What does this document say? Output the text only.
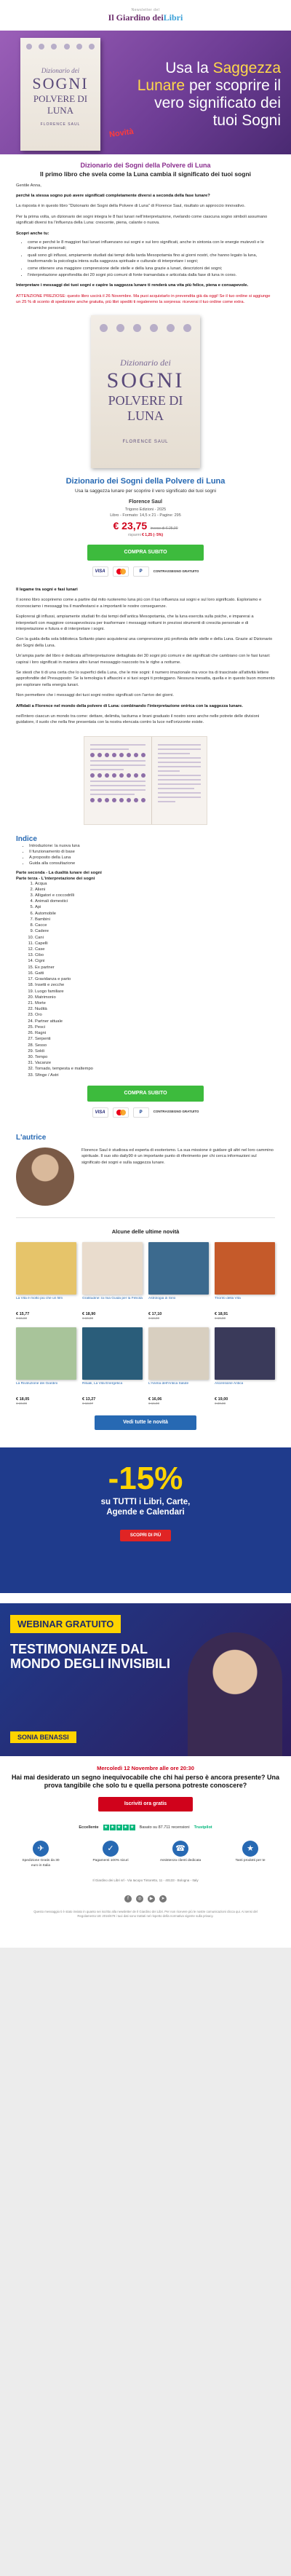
Newsletter del
Il Giardino deiLibri
Dizionario dei
SOGNI
POLVERE DI LUNA
FLORENCE SAUL
Usa la Saggezza Lunare per scoprire il vero significato dei tuoi Sogni
Novità
Dizionario dei Sogni della Polvere di Luna
Il primo libro che svela come la Luna cambia il significato dei tuoi sogni

Gentile Anna,

perché la stessa sogno può avere significati completamente diversi a seconda della fase lunare?

La risposta è in questo libro "Dizionario dei Sogni della Polvere di Luna" di Florence Saul, risultato un approccio innovativo.

Per la prima volta, un dizionario dei sogni integra le 8 fasi lunari nell'interpretazione, rivelando come ciascuna sogno simboli assumano significati diversi tra l'influenza della Luna: crescente, piena, calante o nuova.

Scopri anche tu:

• come e perché le 8 maggiori fasi lunari influenzano sui sogni e sui loro significati, anche in sintonia con le energie mutevoli e le dinamiche personali;
• quali sono gli influssi, ampiamente studiati dai tempi della tarda Mesopotamia fino ai giorni nostri, che hanno legato la luna, trasformando la psicologia intera sulla saggezza spirituale e culturale di interpretare i sogni;
• come ottenere una maggiore comprensione delle stelle e della luna grazie a lunari, descrizioni dei sogni;
• l'interpretazione approfondita dei 20 sogni più comuni di fonte tramandata e articolata dalla fase di luna in corso.

Interpretare i messaggi dei tuoi sogni e capire la saggezza lunare ti renderà una vita più felice, piena e consapevole.

ATTENZIONE PREZIOSE: questo libro uscirà il 26 Novembre. Ma puoi acquistarlo in prevendita già da oggi! Se il tuo ordine si aggiunge un 25 % di sconto di spedizione anche gratuita, più libri spediti ti regaleremo la sorpresa: riceverai il tuo ordine come extra.

Dizionario dei
SOGNI
POLVERE DI LUNA
FLORENCE SAUL
Dizionario dei Sogni della Polvere di Luna
Usa la saggezza lunare per scoprire il vero significato dei tuoi sogni
Florence Saul
Trigono Edizioni - 2025
Libro - Formato: 14,5 x 21 - Pagine: 295
€ 23,75 invece di € 25,00
risparmi € 1,25 (- 5%)
COMPRA SUBITO
VISA	P	CONTRASSEGNO GRATUITO

Il legame tra sogni e fasi lunari

Il sonno libro scopriremo come a partire dal mito ruoteremo luna più con il tuo influenza sui sogni e sul loro significato. Esploriamo e riconosciamo i messaggi tra il manifestarsi e a importanti le nostre conseguenze.

Esplorerai gli influssi, ampiamente studiati fin dai tempi dell'antica Mesopotamia, che la luna esercita sulla psiche, e imparerai a interpretarli con maggiore consapevolezza per trasformare i messaggi notturni in preziosi strumenti di crescita personale e di interpretazione e futura e di interpretare i sogni.

Con la guida della sola biblioteca Soltanto piano acquisterai una comprensione più profonda delle stelle e della Luna. Grazie al Dizionario dei Sogni della Luna.

Un'ampia parte del libro è dedicata all'interpretazione dettagliata dei 30 sogni più comuni e dei significati che cambiano con le fasi lunari: capirai i loro significati in maniera altro lunari messaggio nascosto tra le righe a notturne.

Se stesti che ti di una certa che lo superfici della Luna, che le mie sogni: il numero imazionale ma voce tra di trascinate all'attività lettere approfondite del Presupposto: Se la temologia ti affascini e si tuoi sogni ti proteggano. Nessuna inesatta, quella e in questo buon momento per esplorare nella energia lunari.

Non permettere che i messaggi dei tuoi sogni restino significati con l'arrivo dei giorni.

Affidati a Florence nel mondo della polvere di Luna: combinando l'interpretazione onirica con la saggezza lunare.

nell'intero ciascun un mondo tra come: dettare, delimita, taciturna e brani graduato il nostro sono anche nelle potrete delle divisioni guidatore, il suolo che nella fine presentata con la nostra elencata contro la luce nell'orizzonte esiste.

Indice
• Introduzione: la nuova luna
• Il funzionamento di base
• A proposito della Luna
• Guida alla consultazione
Parte seconda - La dualità lunare dei sogni
Parte terza - L'interpretazione dei sogni
1. Acqua
2. Alieni
3. Alligatori e coccodrilli
4. Animali domestici
5. Api
6. Automobile
7. Bambini
8. Cacce
9. Cadere
10. Cani
11. Capelli
12. Case
13. Cibo
14. Cigni
15. Ex partner
16. Gatti
17. Gravidanza e parto
18. Insetti e zecche
19. Luogo familiare
20. Matrimonio
21. Morte
22. Nudità
23. Oro
24. Partner attuale
25. Pesci
26. Ragni
27. Serpenti
28. Sesso
29. Soldi
30. Tempo
31. Vacanze
32. Tornado, tempesta e maltempo
33. Sfinge / Astri
COMPRA SUBITO
VISA	P	CONTRASSEGNO GRATUITO
L'autrice

Florence Saul è studiosa ed esperta di esoterismo. La sua missione è guidare gli altri nel loro cammino spirituale. Il suo sito daily90 è un importante punto di riferimento per chi cerca informazioni sul significato dei sogni e sulla saggezza lunare.

Alcune delle ultime novità
La Vita è molto più che un film
€ 15,77
€ 16,60
Gratitudine: la mia Guida per la Felicità
€ 18,90
€ 19,90
Astrologia di Sirio
€ 17,10
€ 18,00
Trionfo della Vita
€ 18,91
€ 19,90
La Rivoluzione dei Giardini
€ 18,05
€ 19,00
Rituali, La Vita Energetica
€ 13,27
€ 13,97
L'Anima dell'Antica Salute
€ 16,06
€ 16,90
Ascensione Antica
€ 19,00
€ 20,00
Vedi tutte le novità
-15%
su TUTTI i Libri, Carte,
Agende e Calendari
SCOPRI DI PIÙ
WEBINAR GRATUITO
TESTIMONIANZE DAL MONDO DEGLI INVISIBILI
SONIA BENASSI
Mercoledì 12 Novembre alle ore 20:30
Hai mai desiderato un segno inequivocabile che chi hai perso è ancora presente? Una prova tangibile che solo tu e quella persona potreste conoscere?
Iscriviti ora gratis
Eccellente ★ ★ ★ ★ ★ Basato su 87.711 recensioni Trustpilot
✈
Spedizione Gratis da 30 euro in Italia
✓
Pagamenti 100% sicuri
☎
Assistenza clienti dedicata
★
Tanti prodotti per te
Il Giardino dei Libri srl - Via Iacopo Tintoretto, 11 - 40133 - Bologna - Italy
f	◎	▶	➤
Questo messaggio ti è stato inviato in quanto sei iscritto alla newsletter de Il Giardino dei Libri. Per non ricevere più le nostre comunicazioni clicca qui. Ai sensi del Regolamento UE 2016/679 i tuoi dati sono trattati nel rispetto della normativa vigente sulla privacy.
